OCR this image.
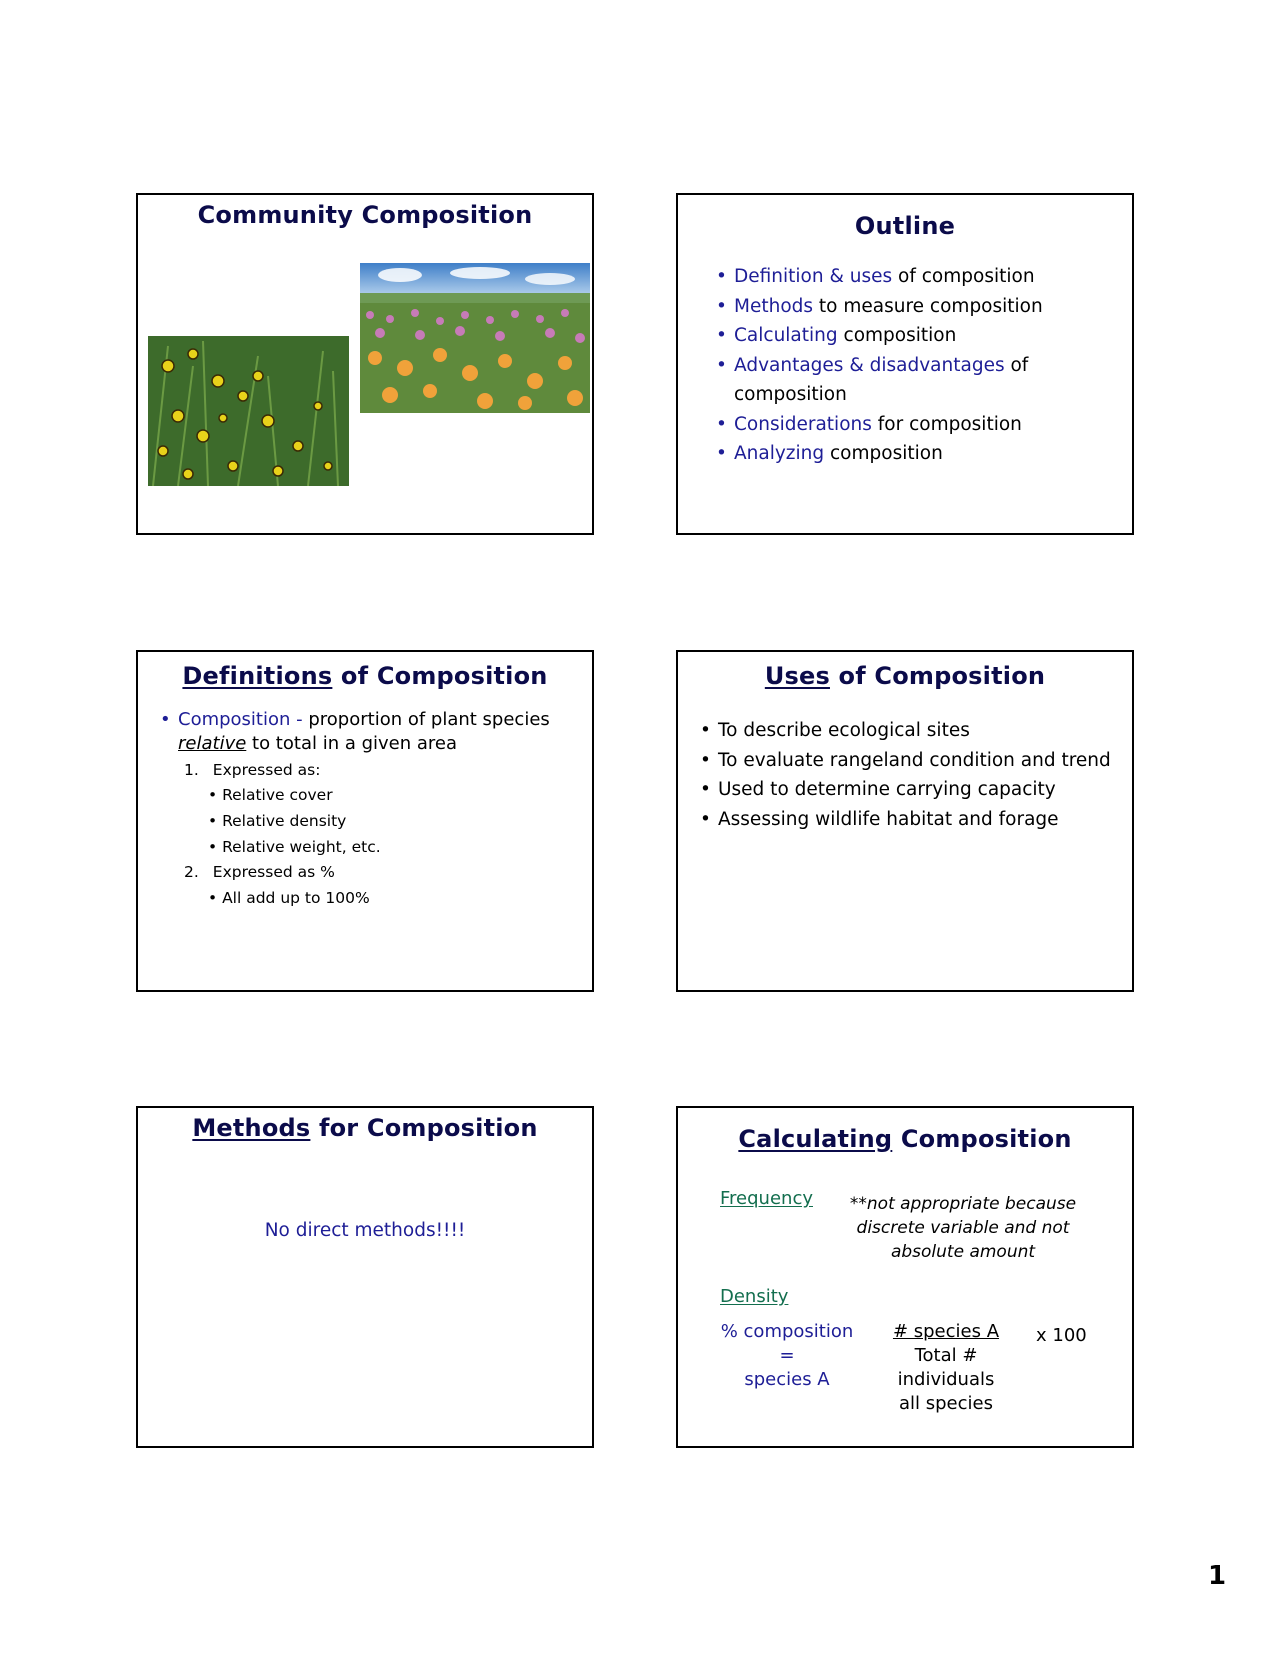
Community Composition	Outline
• Definition & uses of composition
• Methods to measure composition
• Calculating composition
• Advantages & disadvantages of composition
• Considerations for composition
• Analyzing composition
Definitions of Composition
• Composition - proportion of plant species
relative to total in a given area
1. Expressed as:
• Relative cover
• Relative density
• Relative weight, etc.
2. Expressed as %
• All add up to 100%
Uses of Composition
• To describe ecological sites
• To evaluate rangeland condition and trend
• Used to determine carrying capacity
• Assessing wildlife habitat and forage
Methods for Composition
No direct methods!!!!
Calculating Composition
Frequency	**not appropriate because
discrete variable and not
absolute amount
Density
% composition =
species A
# species A
Total # individuals
all species
x 100
1
